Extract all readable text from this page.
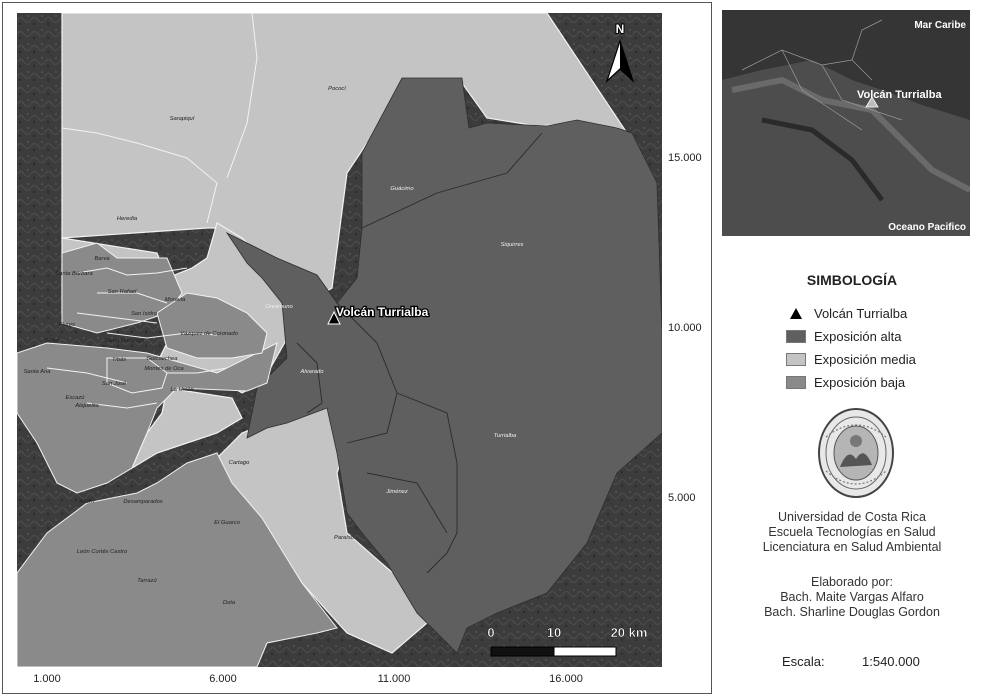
Volcán Turrialba
Sarapiquí
Pococí
Guácimo
Siquirres
Heredia
Barva
Santa Bárbara
San Rafael
San Isidro
Moravia
Flores
Belén
Oreamuno
Santo Domingo
Vázquez de Coronado
Tibás	Goicoechea
Montes de Oca
Santa Ana
San José
La Unión
Alvarado
Escazú
Alajuelita
Turrialba
Cartago
Aserrí	Desamparados
Jiménez
El Guarco
Paraíso
León Cortés Castro
Tarrazú
Dota
N
0	10	20 km
1.000	6.000	11.000	16.000
15.000
10.000
5.000
Volcán Turrialba
Mar Caribe
Oceano Pacifico
SIMBOLOGÍA
Volcán Turrialba
Exposición alta
Exposición media
Exposición baja
Universidad de Costa Rica
Escuela Tecnologías en Salud
Licenciatura en Salud Ambiental
Elaborado por:
Bach. Maite Vargas Alfaro
Bach. Sharline Douglas Gordon
Escala:	1:540.000
